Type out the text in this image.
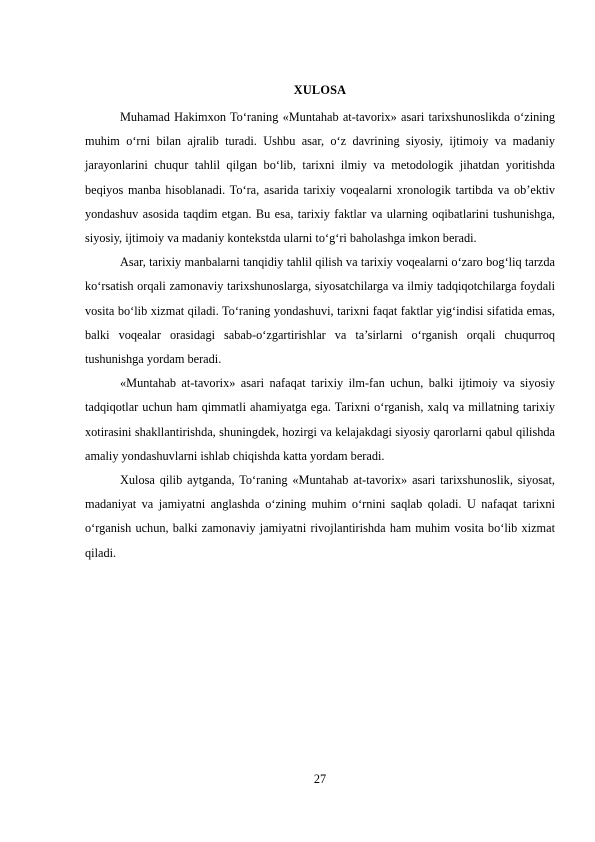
XULOSA

Muhamad Hakimxon To‘raning «Muntahab at-tavorix» asari tarixshunoslikda o‘zining muhim o‘rni bilan ajralib turadi. Ushbu asar, o‘z davrining siyosiy, ijtimoiy va madaniy jarayonlarini chuqur tahlil qilgan bo‘lib, tarixni ilmiy va metodologik jihatdan yoritishda beqiyos manba hisoblanadi. To‘ra, asarida tarixiy voqealarni xronologik tartibda va ob’ektiv yondashuv asosida taqdim etgan. Bu esa, tarixiy faktlar va ularning oqibatlarini tushunishga, siyosiy, ijtimoiy va madaniy kontekstda ularni to‘g‘ri baholashga imkon beradi.

Asar, tarixiy manbalarni tanqidiy tahlil qilish va tarixiy voqealarni o‘zaro bog‘liq tarzda ko‘rsatish orqali zamonaviy tarixshunoslarga, siyosatchilarga va ilmiy tadqiqotchilarga foydali vosita bo‘lib xizmat qiladi. To‘raning yondashuvi, tarixni faqat faktlar yig‘indisi sifatida emas, balki voqealar orasidagi sabab-o‘zgartirishlar va ta’sirlarni o‘rganish orqali chuqurroq tushunishga yordam beradi.

«Muntahab at-tavorix» asari nafaqat tarixiy ilm-fan uchun, balki ijtimoiy va siyosiy tadqiqotlar uchun ham qimmatli ahamiyatga ega. Tarixni o‘rganish, xalq va millatning tarixiy xotirasini shakllantirishda, shuningdek, hozirgi va kelajakdagi siyosiy qarorlarni qabul qilishda amaliy yondashuvlarni ishlab chiqishda katta yordam beradi.

Xulosa qilib aytganda, To‘raning «Muntahab at-tavorix» asari tarixshunoslik, siyosat, madaniyat va jamiyatni anglashda o‘zining muhim o‘rnini saqlab qoladi. U nafaqat tarixni o‘rganish uchun, balki zamonaviy jamiyatni rivojlantirishda ham muhim vosita bo‘lib xizmat qiladi.

27
